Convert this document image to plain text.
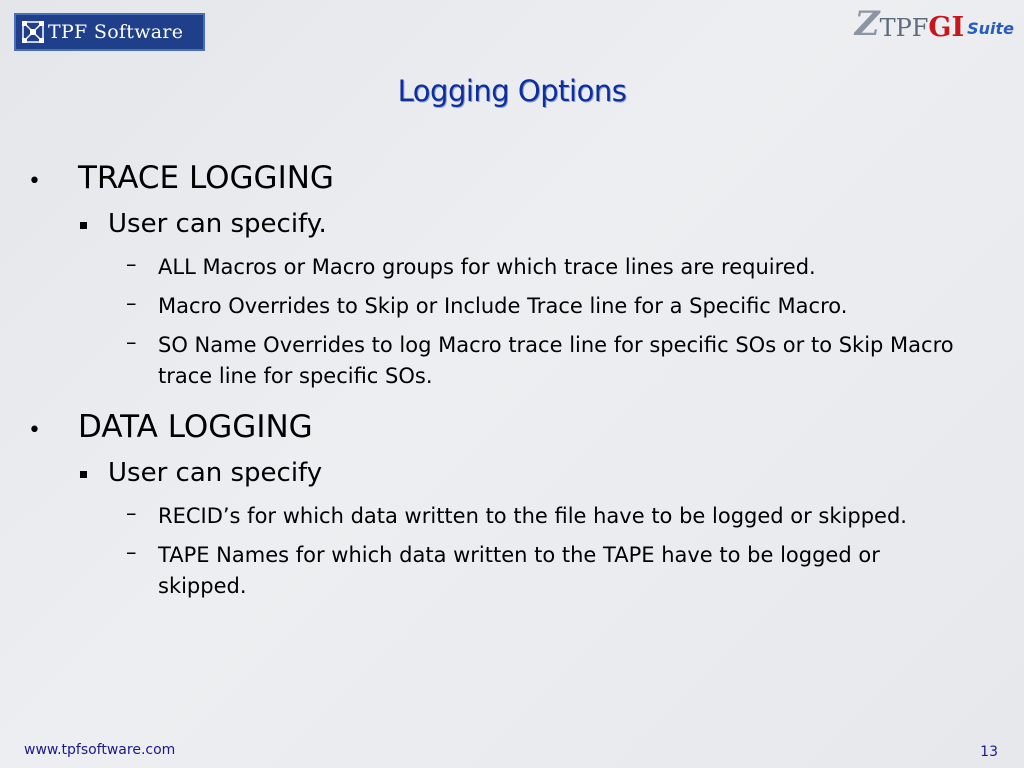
TPF Software	Z TPF GI Suite
Logging Options
• TRACE LOGGING
User can specify.
– ALL Macros or Macro groups for which trace lines are required.
– Macro Overrides to Skip or Include Trace line for a Specific Macro.
– SO Name Overrides to log Macro trace line for specific SOs or to Skip Macro trace line for specific SOs.
• DATA LOGGING
User can specify
– RECID’s for which data written to the file have to be logged or skipped.
– TAPE Names for which data written to the TAPE have to be logged or skipped.
www.tpfsoftware.com	13
